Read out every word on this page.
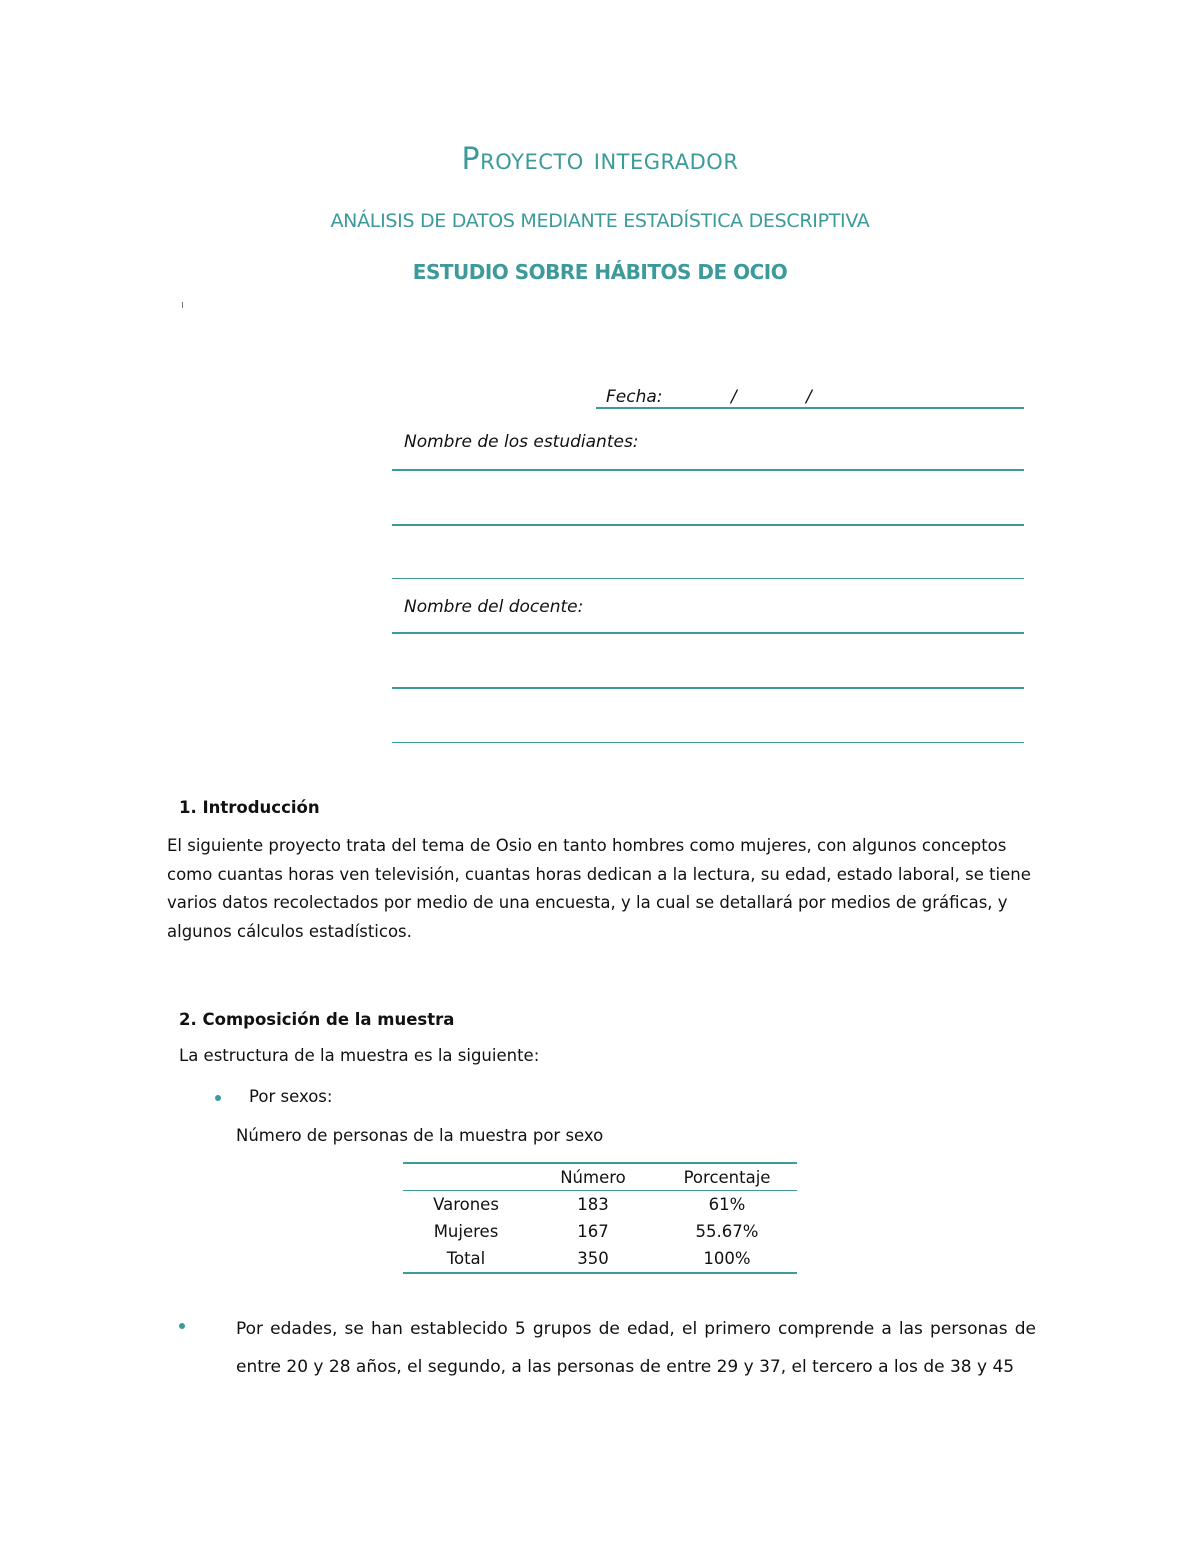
Proyecto integrador
ANÁLISIS DE DATOS MEDIANTE ESTADÍSTICA DESCRIPTIVA
ESTUDIO SOBRE HÁBITOS DE OCIO
Fecha:	/	/
Nombre de los estudiantes:
Nombre del docente:
1. Introducción
El siguiente proyecto trata del tema de Osio en tanto hombres como mujeres, con algunos conceptos como cuantas horas ven televisión, cuantas horas dedican a la lectura, su edad, estado laboral, se tiene varios datos recolectados por medio de una encuesta, y la cual se detallará por medios de gráficas, y algunos cálculos estadísticos.
2. Composición de la muestra
La estructura de la muestra es la siguiente:
Por sexos:
Número de personas de la muestra por sexo
	Número	Porcentaje
Varones	183	61%
Mujeres	167	55.67%
Total	350	100%
Por edades, se han establecido 5 grupos de edad, el primero comprende a las personas de entre 20 y 28 años, el segundo, a las personas de entre 29 y 37, el tercero a los de 38 y 45
